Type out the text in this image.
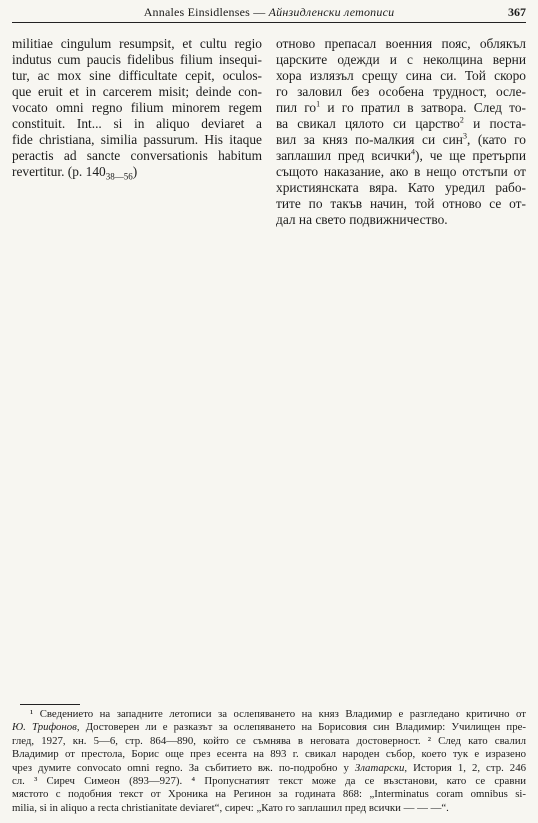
Annales Einsidlenses — Айнзидленски летописи	367
militiae cingulum resumpsit, et cultu regio
indutus cum paucis fidelibus filium insequi-
tur, ac mox sine difficultate cepit, oculos-
que eruit et in carcerem misit; deinde con-
vocato omni regno filium minorem regem
constituit. Int... si in aliquo deviaret a
fide christiana, similia passurum. His itaque
peractis ad sancte conversationis habitum
revertitur. (p. $140_{38—56}$)
отново препасал военния пояс, облякъл
царските одежди и с неколцина верни
хора излязъл срещу сина си. Той скоро
го заловил без особена трудност, осле-
пил $го^1$ и го пратил в затвора. След то-
ва свикал цялото си царство$^2$ и поста-
вил за княз по-малкия си син$^3$, (като го
заплашил пред всички$^4$), че ще претърпи
същото наказание, ако в нещо отстъпи от
християнската вяра. Като уредил рабо-
тите по такъв начин, той отново се от-
дал на свето подвижничество.
¹ Сведението на западните летописи за ослепяването на княз Владимир е разгледано критично от
Ю. Трифонов, Достоверен ли е разказът за ослепяването на Борисовия син Владимир: Училищен пре-
глед, 1927, кн. 5—6, стр. 864—890, който се съмнява в неговата достоверност. ² След като свалил
Владимир от престола, Борис още през есента на 893 г. свикал народен събор, което тук е изразено
чрез думите convocato omni regno. За събитието вж. по-подробно у Златарски, История 1, 2, стр. 246
сл. ³ Сиреч Симеон (893—927). ⁴ Пропуснатият текст може да се възстанови, като се сравни
мястото с подобния текст от Хроника на Регинон за годината 868: „Interminatus coram omnibus si-
milia, si in aliquo a recta christianitate deviaret“, сиреч: „Като го заплашил пред всички — — —“.
